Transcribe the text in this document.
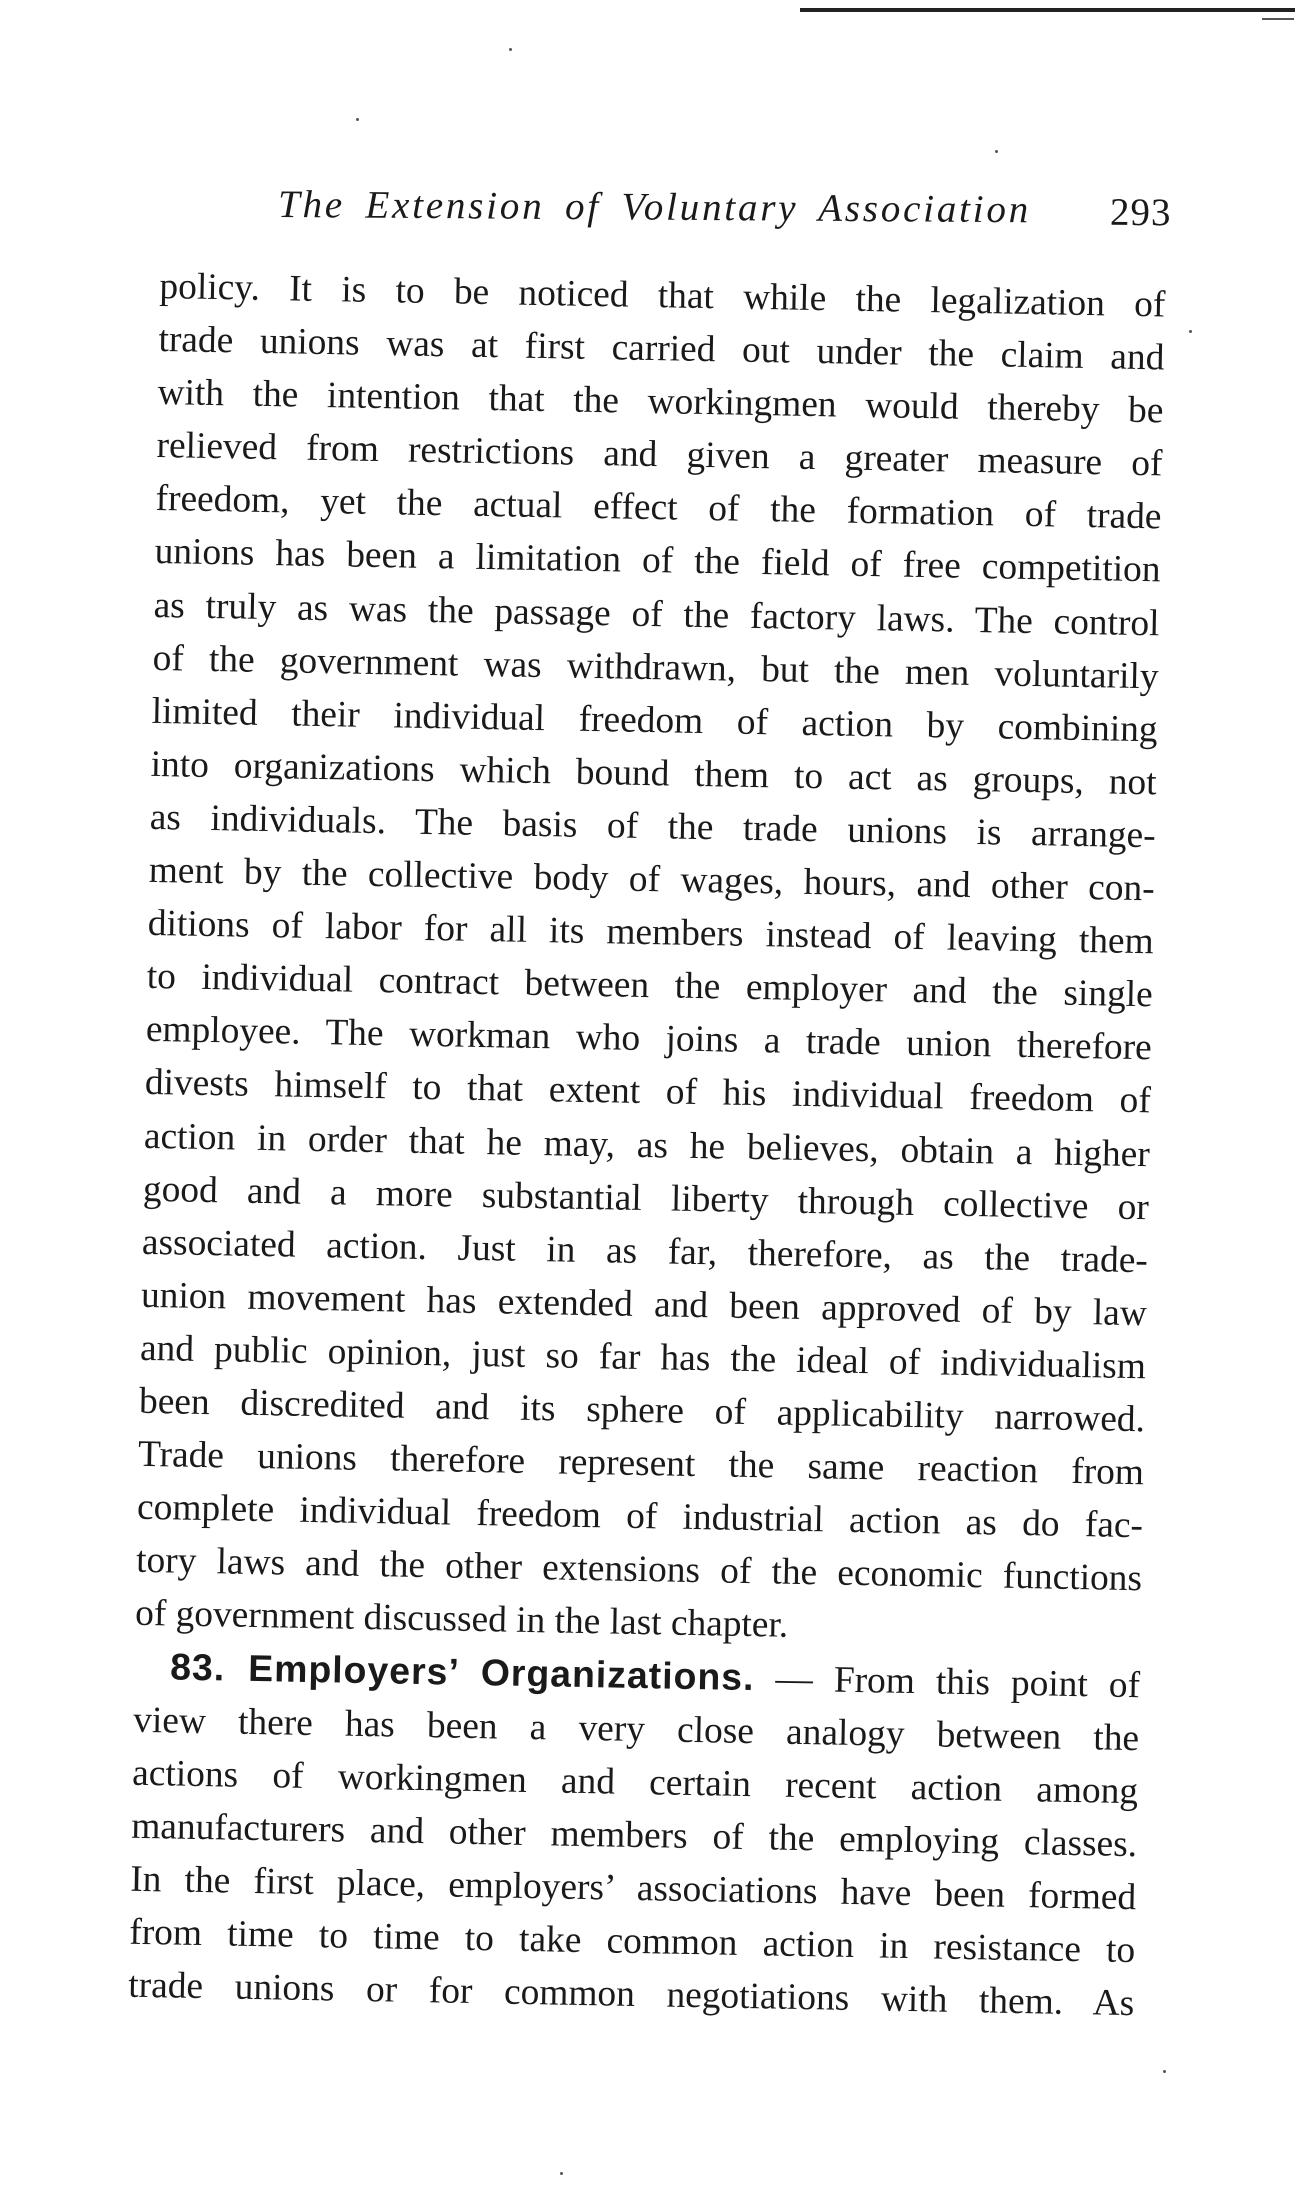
The Extension of Voluntary Association 293
policy. It is to be noticed that while the legalization of
trade unions was at first carried out under the claim and
with the intention that the workingmen would thereby be
relieved from restrictions and given a greater measure of
freedom, yet the actual effect of the formation of trade
unions has been a limitation of the field of free competition
as truly as was the passage of the factory laws. The control
of the government was withdrawn, but the men voluntarily
limited their individual freedom of action by combining
into organizations which bound them to act as groups, not
as individuals. The basis of the trade unions is arrange-
ment by the collective body of wages, hours, and other con-
ditions of labor for all its members instead of leaving them
to individual contract between the employer and the single
employee. The workman who joins a trade union therefore
divests himself to that extent of his individual freedom of
action in order that he may, as he believes, obtain a higher
good and a more substantial liberty through collective or
associated action. Just in as far, therefore, as the trade-
union movement has extended and been approved of by law
and public opinion, just so far has the ideal of individualism
been discredited and its sphere of applicability narrowed.
Trade unions therefore represent the same reaction from
complete individual freedom of industrial action as do fac-
tory laws and the other extensions of the economic functions
of government discussed in the last chapter.
83. Employers’ Organizations. — From this point of
view there has been a very close analogy between the
actions of workingmen and certain recent action among
manufacturers and other members of the employing classes.
In the first place, employers’ associations have been formed
from time to time to take common action in resistance to
trade unions or for common negotiations with them. As
